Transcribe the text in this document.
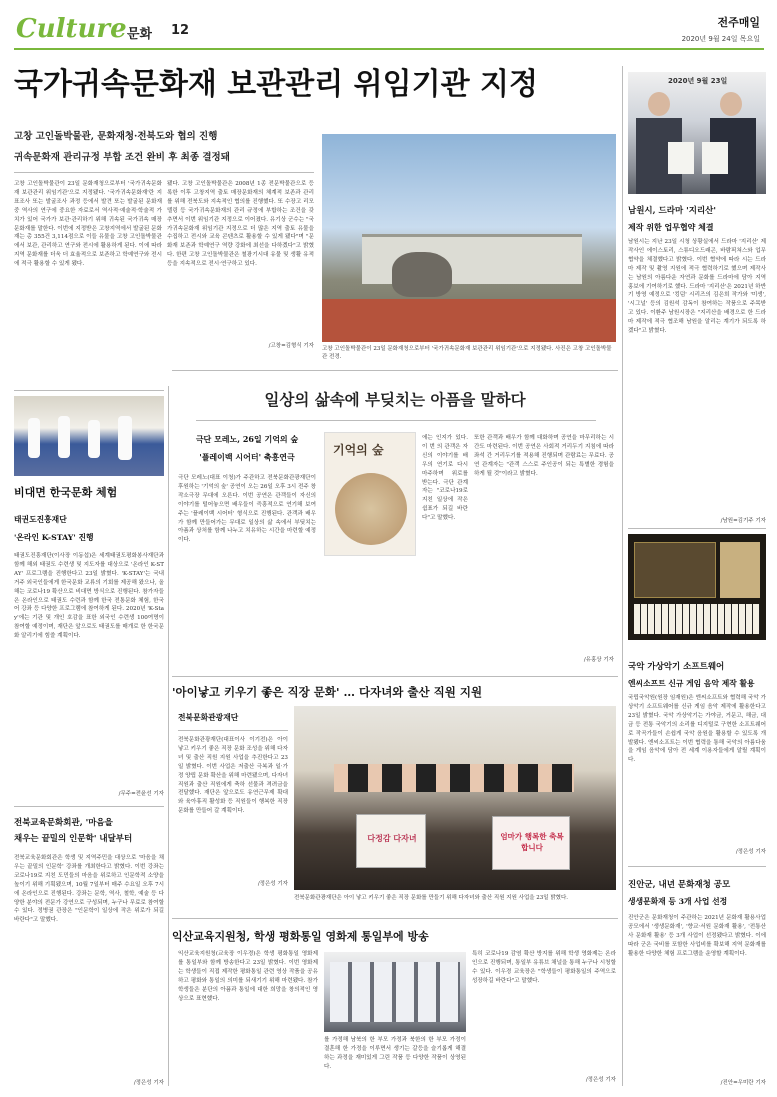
Culture 문화 12
전주매일
2020년 9월 24일 목요일
국가귀속문화재 보관관리 위임기관 지정
고창 고인돌박물관, 문화재청·전북도와 협의 진행
귀속문화재 관리규정 부합 조건 완비 후 최종 결정돼
고창 고인돌박물관이 23일 문화재청으로부터 '국가귀속문화재 보관관리 위임기관'으로 지정됐다. '국가귀속문화재'란 지표조사 또는 발굴조사 과정 등에서 발견 또는 발굴된 문화재 중 역사의 연구에 중요한 자료로서 역사적·예술적·학술적 가치가 있어 국가가 보관·관리하기 위해 귀속된 국가귀속 매장문화재를 말한다. 이번에 지정받은 고창지역에서 발굴된 문화재는 총 355건 3,114점으로 이들 유물을 고창 고인돌박물관에서 보관, 관리하고 연구와 전시에 활용하게 된다. 이에 따라 지역 문화재를 더욱 더 효율적으로 보존하고 학예연구와 전시에 적극 활용할 수 있게 됐다.
됐다. 고창 고인돌박물관은 2008년 1종 전문박물관으로 등록한 이후 고창지역 출토 매장문화재의 체계적 보존과 관리를 위해 전북도와 지속적인 협의를 진행했다. 또 수장고 리모델링 등 국가귀속문화재의 관리 규정에 부합하는 조건을 갖추면서 이번 위임기관 지정으로 이어졌다. 유기상 군수는 "국가귀속문화재 위임기관 지정으로 더 많은 지역 출토 유물을 수집하고 전시와 교육 콘텐츠로 활용할 수 있게 됐다"며 "문화재 보존과 학예연구 역량 강화에 최선을 다하겠다"고 밝혔다. 한편 고창 고인돌박물관은 철광기시대 유물 및 생활 유적 등을 지속적으로 전시·연구하고 있다.
/고창=김형식 기자 고창 고인돌박물관이 23일 문화재청으로부터 '국가귀속문화재 보관관리 위임기관'으로 지정됐다. 사진은 고창 고인돌박물관 전경.
2020년 9월 23일
남원시, 드라마 '지리산'
제작 위한 업무협약 체결
남원시는 지난 23일 시청 상황실에서 드라마 '지리산' 제작사인 에이스토리, 스튜디오드래곤, 바람픽쳐스와 업무협약을 체결했다고 밝혔다. 이번 협약에 따라 시는 드라마 제작 및 촬영 지원에 적극 협력하기로 했으며 제작사는 남원의 아름다운 자연과 문화를 드라마에 담아 지역 홍보에 기여하기로 했다. 드라마 '지리산'은 2021년 하반기 방영 예정으로 '킹덤' 시리즈의 김은희 작가와 '미생', '시그널' 등의 김원석 감독이 참여하는 작품으로 주목받고 있다. 이환주 남원시장은 "지리산을 배경으로 한 드라마 제작에 적극 협조해 남원을 알리는 계기가 되도록 하겠다"고 밝혔다.
/남원=김기주 기자
국악 가상악기 소프트웨어
엔씨소프트 신규 게임 음악 제작 활용
국립국악원(원장 임재원)은 엔씨소프트와 협력해 국악 가상악기 소프트웨어를 신규 게임 음악 제작에 활용한다고 23일 밝혔다. 국악 가상악기는 가야금, 거문고, 해금, 대금 등 전통 국악기의 소리를 디지털로 구현한 소프트웨어로 작곡가들이 손쉽게 국악 음원을 활용할 수 있도록 개발됐다. 엔씨소프트는 이번 협력을 통해 국악의 아름다움을 게임 음악에 담아 전 세계 이용자들에게 알릴 계획이다.
/정은성 기자
진안군, 내년 문화재청 공모
생생문화재 등 3개 사업 선정
진안군은 문화재청이 주관하는 2021년 문화재 활용사업 공모에서 '생생문화재', '향교·서원 문화재 활용', '전통산사 문화재 활용' 등 3개 사업이 선정됐다고 밝혔다. 이에 따라 군은 국비를 포함한 사업비를 확보해 지역 문화재를 활용한 다양한 체험 프로그램을 운영할 계획이다.
/진안=우미란 기자
비대면 한국문화 체험
태권도진흥재단
'온라인 K-STAY' 진행
태권도진흥재단(이사장 이동섭)은 세계태권도평화봉사재단과 함께 해외 태권도 수련생 및 지도자를 대상으로 '온라인 K-STAY' 프로그램을 진행한다고 23일 밝혔다. 'K-STAY'는 국내 거주 외국인들에게 한국문화 교류의 기회를 제공해 왔으나, 올해는 코로나19 확산으로 비대면 방식으로 진행된다. 참가자들은 온라인으로 태권도 수련과 함께 한국 전통문화 체험, 한국어 강좌 등 다양한 프로그램에 참여하게 된다. 2020년 'K-Stay'에는 기관 및 개인 호감을 표한 외국인 수련생 100여명이 참여할 예정이며, 재단은 앞으로도 태권도를 매개로 한 한국문화 알리기에 힘쓸 계획이다.
/무주=전윤선 기자
전북교육문화회관, '마음을
채우는 끝밀의 인문학' 내달부터
전북교육문화회관은 학생 및 지역주민을 대상으로 '마음을 채우는 끝밀의 인문학' 강좌를 개최한다고 밝혔다. 이번 강좌는 코로나19로 지친 도민들의 마음을 위로하고 인문학적 소양을 높이기 위해 기획됐으며, 10월 7일부터 매주 수요일 오후 7시에 온라인으로 진행된다. 강좌는 문학, 역사, 철학, 예술 등 다양한 분야의 전문가 강연으로 구성되며, 누구나 무료로 참여할 수 있다. 정병권 관장은 "인문학이 일상에 작은 위로가 되길 바란다"고 말했다.
/정은성 기자
일상의 삶속에 부딪치는 아픔을 말하다
극단 모레노, 26일 기억의 숲
'플레이백 시어터' 축흥연극
극단 모레노(대표 이청)가 주관하고 전북문화관광재단이 후원하는 '기억의 숲' 공연이 오는 26일 오후 3시 전주 창작소극장 무대에 오른다. 이번 공연은 관객들이 자신의 이야기를 털어놓으면 배우들이 즉흥적으로 연기해 보여주는 '플레이백 시어터' 형식으로 진행된다. 관객과 배우가 함께 만들어가는 무대로 일상의 삶 속에서 부딪치는 아픔과 상처를 함께 나누고 치유하는 시간을 마련할 예정이다.
기억의 숲
에는 인지가 있다. 이 번 의 관객은 자신의 이야기를 배우의 연기로 다시 마주하며 위로를 받는다. 극단 관계자는 "코로나19로 지친 일상에 작은 쉼표가 되길 바란다"고 말했다.
또한 관객과 배우가 함께 대화하며 공연을 마무리하는 시간도 마련된다. 이번 공연은 사회적 거리두기 지침에 따라 좌석 간 거리두기를 적용해 진행되며 관람료는 무료다. 공연 관계자는 "관객 스스로 주인공이 되는 특별한 경험을 하게 될 것"이라고 밝혔다.
/유홍상 기자
'아이낳고 키우기 좋은 직장 문화' … 다자녀와 출산 직원 지원
전북문화관광재단
전북문화관광재단(대표이사 이기전)은 아이 낳고 키우기 좋은 직장 문화 조성을 위해 다자녀 및 출산 직원 지원 사업을 추진한다고 23일 밝혔다. 이번 사업은 저출산 극복과 일·가정 양립 문화 확산을 위해 마련됐으며, 다자녀 직원과 출산 직원에게 축하 선물과 격려금을 전달했다. 재단은 앞으로도 유연근무제 확대와 육아휴직 활성화 등 직원들이 행복한 직장 문화를 만들어 갈 계획이다.
/정은성 기자
다정감 다자녀	엄마가 행복한 축복합니다
전북문화관광재단은 아이 낳고 키우기 좋은 직장 문화를 만들기 위해 다자녀와 출산 직원 지원 사업을 23일 밝혔다.
익산교육지원청, 학생 평화통일 영화제 통일부에 방송
익산교육지원청(교육장 이우경)은 학생 평화통일 영화제를 통일부와 함께 방송한다고 23일 밝혔다. 이번 영화제는 학생들이 직접 제작한 평화통일 관련 영상 작품을 공유하고 평화와 통일의 의미를 되새기기 위해 마련됐다. 참가 학생들은 분단의 아픔과 통일에 대한 희망을 창의적인 영상으로 표현했다.
를 가정해 남북의 한 부모 가정과 북한의 한 부모 가정이 결혼해 한 가정을 이루면서 생기는 갈등을 슬기롭게 해결하는 과정을 재미있게 그린 작품 등 다양한 작품이 상영된다.
특히 코로나19 감염 확산 방지를 위해 학생 영화제는 온라인으로 진행되며, 통일부 유튜브 채널을 통해 누구나 시청할 수 있다. 이우경 교육장은 "학생들이 평화통일의 주역으로 성장하길 바란다"고 말했다.
/정은성 기자
